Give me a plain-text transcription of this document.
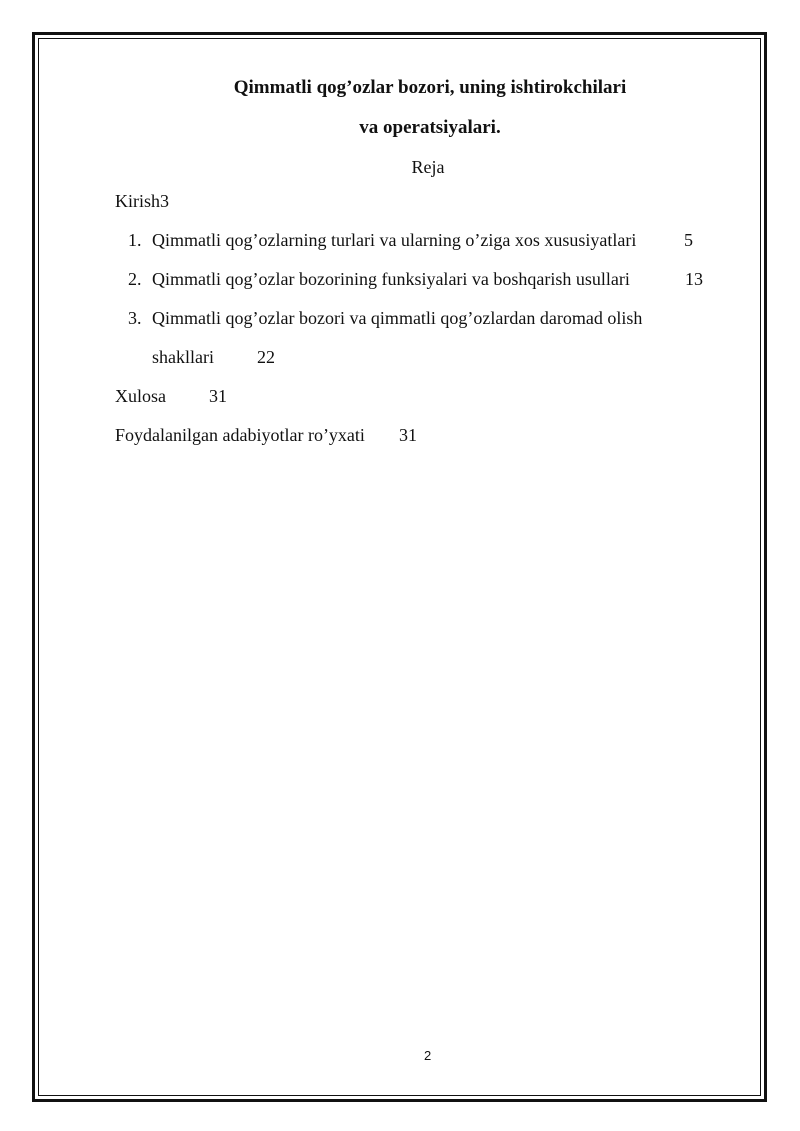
Qimmatli qog’ozlar bozori, uning ishtirokchilari
va operatsiyalari.
Reja
Kirish3
1. Qimmatli qog’ozlarning turlari va ularning o’ziga xos xususiyatlari	5
2. Qimmatli qog’ozlar bozorining funksiyalari va boshqarish usullari	13
3. Qimmatli qog’ozlar bozori va qimmatli qog’ozlardan daromad olish
shakllari 22
Xulosa 31
Foydalanilgan adabiyotlar ro’yxati 31
2
